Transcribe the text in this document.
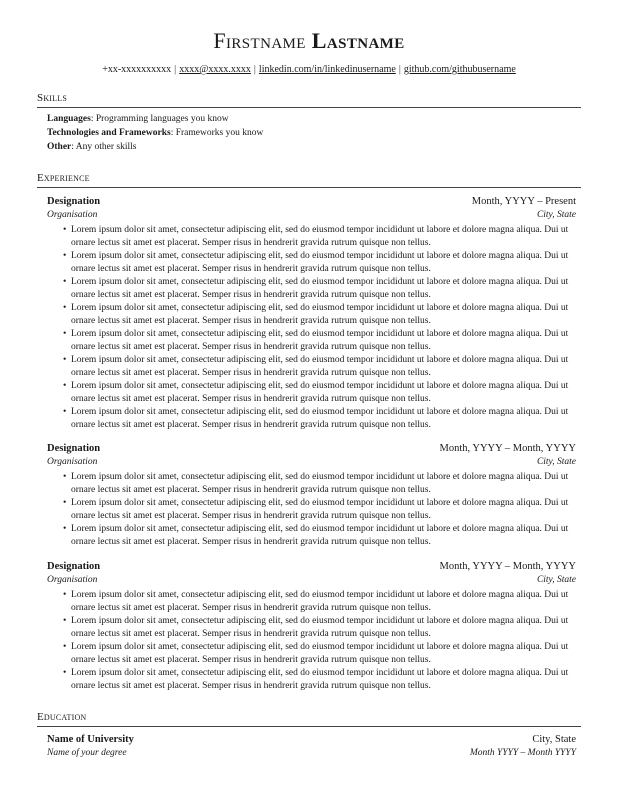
Firstname Lastname
+xx-xxxxxxxxxx | xxxx@xxxx.xxxx | linkedin.com/in/linkedinusername | github.com/githubusername
Skills
Languages: Programming languages you know
Technologies and Frameworks: Frameworks you know
Other: Any other skills
Experience
Designation	Month, YYYY – Present
Organisation	City, State
• Lorem ipsum dolor sit amet, consectetur adipiscing elit, sed do eiusmod tempor incididunt ut labore et dolore magna aliqua. Dui ut ornare lectus sit amet est placerat. Semper risus in hendrerit gravida rutrum quisque non tellus.
• Lorem ipsum dolor sit amet, consectetur adipiscing elit, sed do eiusmod tempor incididunt ut labore et dolore magna aliqua. Dui ut ornare lectus sit amet est placerat. Semper risus in hendrerit gravida rutrum quisque non tellus.
• Lorem ipsum dolor sit amet, consectetur adipiscing elit, sed do eiusmod tempor incididunt ut labore et dolore magna aliqua. Dui ut ornare lectus sit amet est placerat. Semper risus in hendrerit gravida rutrum quisque non tellus.
• Lorem ipsum dolor sit amet, consectetur adipiscing elit, sed do eiusmod tempor incididunt ut labore et dolore magna aliqua. Dui ut ornare lectus sit amet est placerat. Semper risus in hendrerit gravida rutrum quisque non tellus.
• Lorem ipsum dolor sit amet, consectetur adipiscing elit, sed do eiusmod tempor incididunt ut labore et dolore magna aliqua. Dui ut ornare lectus sit amet est placerat. Semper risus in hendrerit gravida rutrum quisque non tellus.
• Lorem ipsum dolor sit amet, consectetur adipiscing elit, sed do eiusmod tempor incididunt ut labore et dolore magna aliqua. Dui ut ornare lectus sit amet est placerat. Semper risus in hendrerit gravida rutrum quisque non tellus.
• Lorem ipsum dolor sit amet, consectetur adipiscing elit, sed do eiusmod tempor incididunt ut labore et dolore magna aliqua. Dui ut ornare lectus sit amet est placerat. Semper risus in hendrerit gravida rutrum quisque non tellus.
• Lorem ipsum dolor sit amet, consectetur adipiscing elit, sed do eiusmod tempor incididunt ut labore et dolore magna aliqua. Dui ut ornare lectus sit amet est placerat. Semper risus in hendrerit gravida rutrum quisque non tellus.
Designation	Month, YYYY – Month, YYYY
Organisation	City, State
• Lorem ipsum dolor sit amet, consectetur adipiscing elit, sed do eiusmod tempor incididunt ut labore et dolore magna aliqua. Dui ut ornare lectus sit amet est placerat. Semper risus in hendrerit gravida rutrum quisque non tellus.
• Lorem ipsum dolor sit amet, consectetur adipiscing elit, sed do eiusmod tempor incididunt ut labore et dolore magna aliqua. Dui ut ornare lectus sit amet est placerat. Semper risus in hendrerit gravida rutrum quisque non tellus.
• Lorem ipsum dolor sit amet, consectetur adipiscing elit, sed do eiusmod tempor incididunt ut labore et dolore magna aliqua. Dui ut ornare lectus sit amet est placerat. Semper risus in hendrerit gravida rutrum quisque non tellus.
Designation	Month, YYYY – Month, YYYY
Organisation	City, State
• Lorem ipsum dolor sit amet, consectetur adipiscing elit, sed do eiusmod tempor incididunt ut labore et dolore magna aliqua. Dui ut ornare lectus sit amet est placerat. Semper risus in hendrerit gravida rutrum quisque non tellus.
• Lorem ipsum dolor sit amet, consectetur adipiscing elit, sed do eiusmod tempor incididunt ut labore et dolore magna aliqua. Dui ut ornare lectus sit amet est placerat. Semper risus in hendrerit gravida rutrum quisque non tellus.
• Lorem ipsum dolor sit amet, consectetur adipiscing elit, sed do eiusmod tempor incididunt ut labore et dolore magna aliqua. Dui ut ornare lectus sit amet est placerat. Semper risus in hendrerit gravida rutrum quisque non tellus.
• Lorem ipsum dolor sit amet, consectetur adipiscing elit, sed do eiusmod tempor incididunt ut labore et dolore magna aliqua. Dui ut ornare lectus sit amet est placerat. Semper risus in hendrerit gravida rutrum quisque non tellus.
Education
Name of University	City, State
Name of your degree	Month YYYY – Month YYYY
